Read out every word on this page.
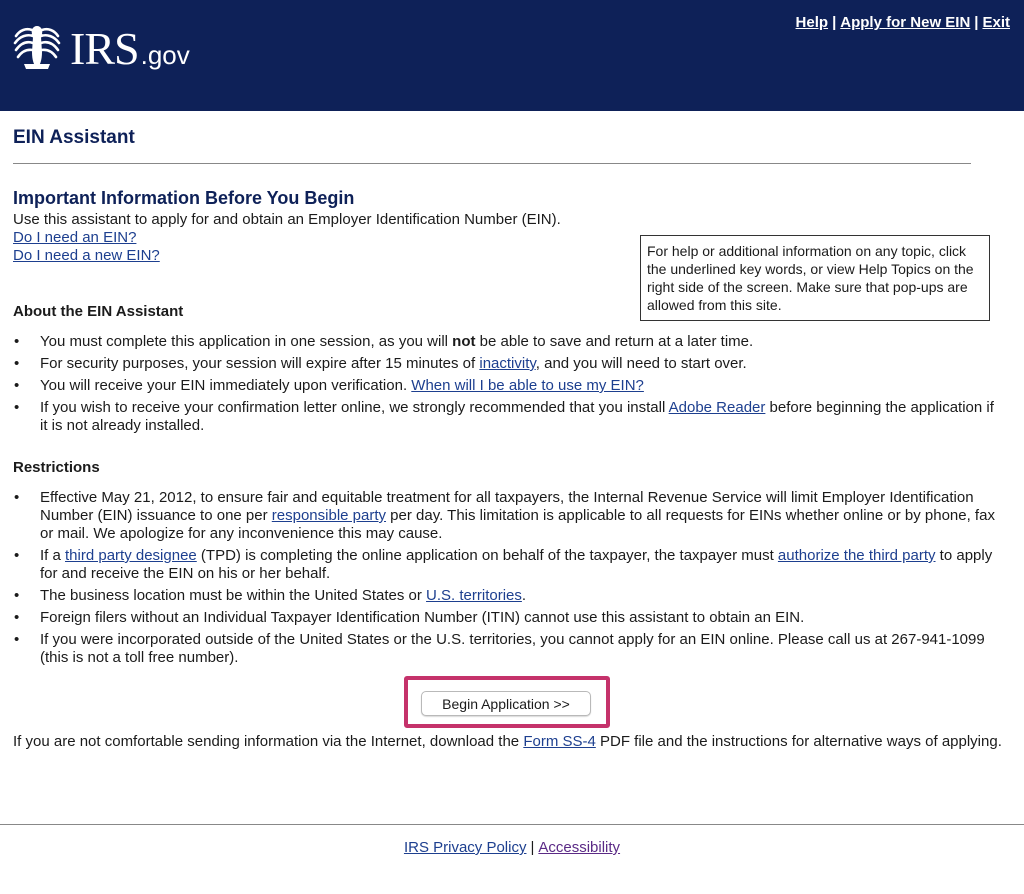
IRS .gov
Help | Apply for New EIN | Exit
EIN Assistant
Important Information Before You Begin

Use this assistant to apply for and obtain an Employer Identification Number (EIN).

Do I need an EIN?
Do I need a new EIN?	For help or additional information on any topic, click the underlined key words, or view Help Topics on the right side of the screen. Make sure that pop-ups are allowed from this site.
About the EIN Assistant
• You must complete this application in one session, as you will not be able to save and return at a later time.
• For security purposes, your session will expire after 15 minutes of inactivity, and you will need to start over.
• You will receive your EIN immediately upon verification. When will I be able to use my EIN?
• If you wish to receive your confirmation letter online, we strongly recommended that you install Adobe Reader before beginning the application if it is not already installed.
Restrictions
• Effective May 21, 2012, to ensure fair and equitable treatment for all taxpayers, the Internal Revenue Service will limit Employer Identification Number (EIN) issuance to one per responsible party per day. This limitation is applicable to all requests for EINs whether online or by phone, fax or mail. We apologize for any inconvenience this may cause.
• If a third party designee (TPD) is completing the online application on behalf of the taxpayer, the taxpayer must authorize the third party to apply for and receive the EIN on his or her behalf.
• The business location must be within the United States or U.S. territories.
• Foreign filers without an Individual Taxpayer Identification Number (ITIN) cannot use this assistant to obtain an EIN.
• If you were incorporated outside of the United States or the U.S. territories, you cannot apply for an EIN online. Please call us at 267-941-1099 (this is not a toll free number).
Begin Application >>

If you are not comfortable sending information via the Internet, download the Form SS-4 PDF file and the instructions for alternative ways of applying.

IRS Privacy Policy | Accessibility
